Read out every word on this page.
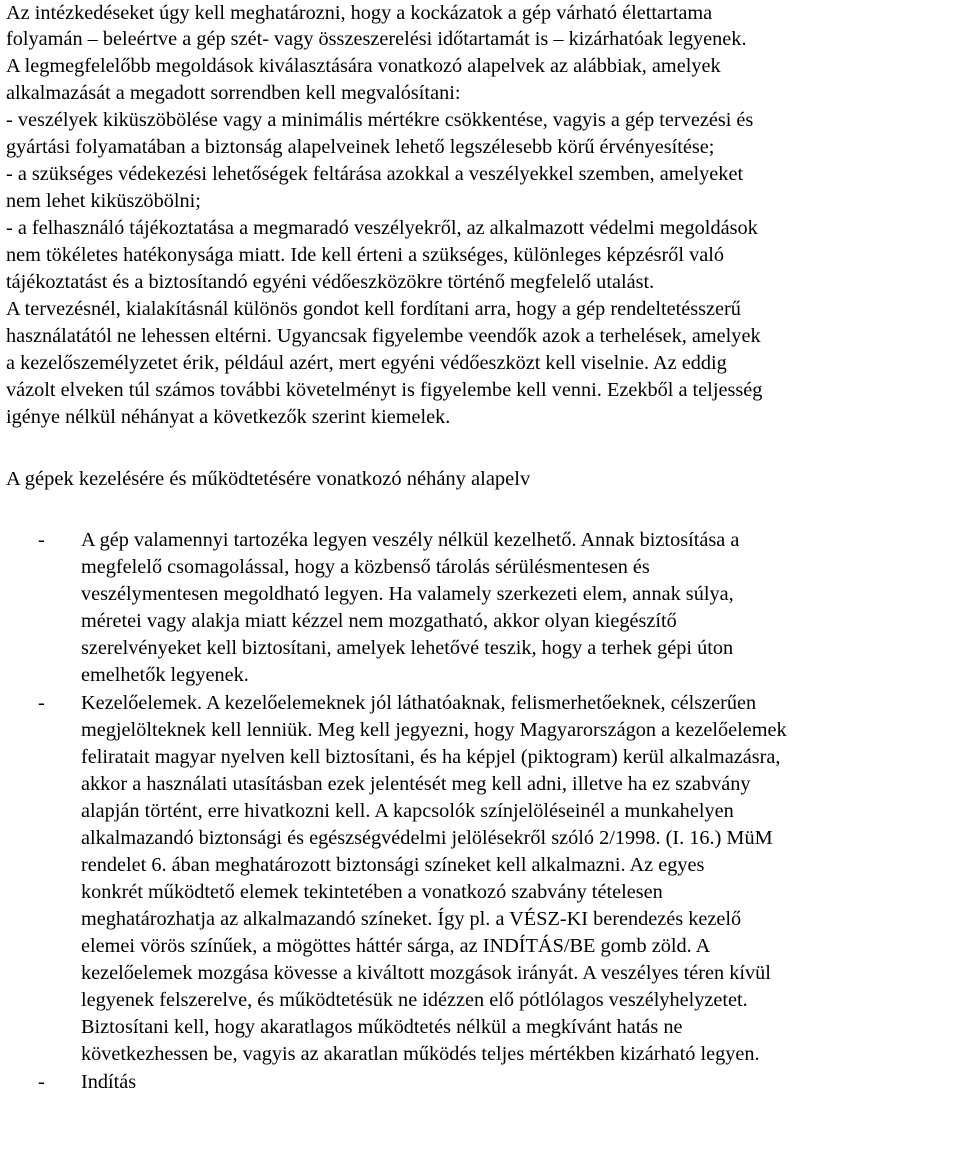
Az intézkedéseket úgy kell meghatározni, hogy a kockázatok a gép várható élettartama
folyamán – beleértve a gép szét- vagy összeszerelési időtartamát is – kizárhatóak legyenek.
A legmegfelelőbb megoldások kiválasztására vonatkozó alapelvek az alábbiak, amelyek
alkalmazását a megadott sorrendben kell megvalósítani:
- veszélyek kiküszöbölése vagy a minimális mértékre csökkentése, vagyis a gép tervezési és
gyártási folyamatában a biztonság alapelveinek lehető legszélesebb körű érvényesítése;
- a szükséges védekezési lehetőségek feltárása azokkal a veszélyekkel szemben, amelyeket
nem lehet kiküszöbölni;
- a felhasználó tájékoztatása a megmaradó veszélyekről, az alkalmazott védelmi megoldások
nem tökéletes hatékonysága miatt. Ide kell érteni a szükséges, különleges képzésről való
tájékoztatást és a biztosítandó egyéni védőeszközökre történő megfelelő utalást.
A tervezésnél, kialakításnál különös gondot kell fordítani arra, hogy a gép rendeltetésszerű
használatától ne lehessen eltérni. Ugyancsak figyelembe veendők azok a terhelések, amelyek
a kezelőszemélyzetet érik, például azért, mert egyéni védőeszközt kell viselnie. Az eddig
vázolt elveken túl számos további követelményt is figyelembe kell venni. Ezekből a teljesség
igénye nélkül néhányat a következők szerint kiemelek.
A gépek kezelésére és működtetésére vonatkozó néhány alapelv
- A gép valamennyi tartozéka legyen veszély nélkül kezelhető. Annak biztosítása a
megfelelő csomagolással, hogy a közbenső tárolás sérülésmentesen és
veszélymentesen megoldható legyen. Ha valamely szerkezeti elem, annak súlya,
méretei vagy alakja miatt kézzel nem mozgatható, akkor olyan kiegészítő
szerelvényeket kell biztosítani, amelyek lehetővé teszik, hogy a terhek gépi úton
emelhetők legyenek.
- Kezelőelemek. A kezelőelemeknek jól láthatóaknak, felismerhetőeknek, célszerűen
megjelölteknek kell lenniük. Meg kell jegyezni, hogy Magyarországon a kezelőelemek
feliratait magyar nyelven kell biztosítani, és ha képjel (piktogram) kerül alkalmazásra,
akkor a használati utasításban ezek jelentését meg kell adni, illetve ha ez szabvány
alapján történt, erre hivatkozni kell. A kapcsolók színjelöléseinél a munkahelyen
alkalmazandó biztonsági és egészségvédelmi jelölésekről szóló 2/1998. (I. 16.) MüM
rendelet 6. ában meghatározott biztonsági színeket kell alkalmazni. Az egyes
konkrét működtető elemek tekintetében a vonatkozó szabvány tételesen
meghatározhatja az alkalmazandó színeket. Így pl. a VÉSZ-KI berendezés kezelő
elemei vörös színűek, a mögöttes háttér sárga, az INDÍTÁS/BE gomb zöld. A
kezelőelemek mozgása kövesse a kiváltott mozgások irányát. A veszélyes téren kívül
legyenek felszerelve, és működtetésük ne idézzen elő pótlólagos veszélyhelyzetet.
Biztosítani kell, hogy akaratlagos működtetés nélkül a megkívánt hatás ne
következhessen be, vagyis az akaratlan működés teljes mértékben kizárható legyen.
- Indítás
